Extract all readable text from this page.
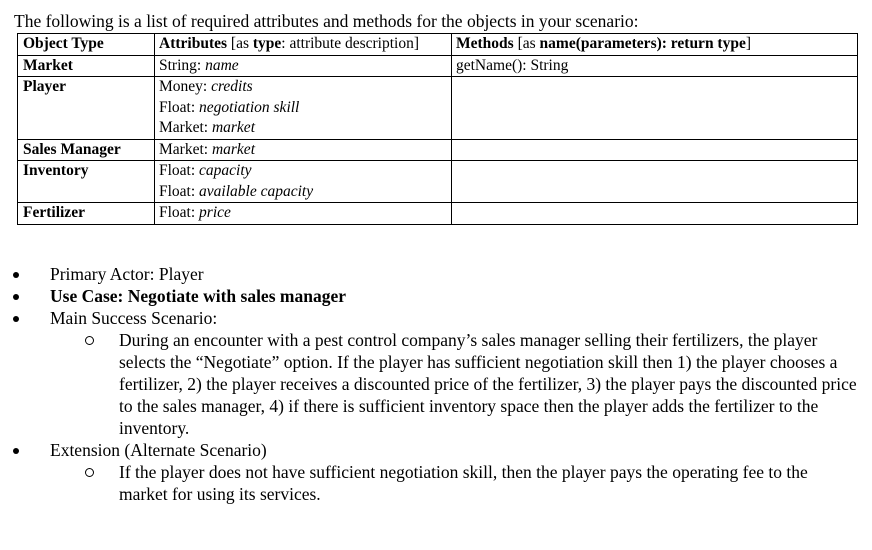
The following is a list of required attributes and methods for the objects in your scenario:
Object Type	Attributes [as type: attribute description]	Methods [as name(parameters): return type]
Market	String: name	getName(): String

Player	Money: credits
Float: negotiation skill
Market: market	

Sales Manager	Market: market	

Inventory	Float: capacity
Float: available capacity	

Fertilizer	Float: price	

Primary Actor: Player
Use Case: Negotiate with sales manager
Main Success Scenario:
During an encounter with a pest control company’s sales manager selling their fertilizers, the player selects the “Negotiate” option. If the player has sufficient negotiation skill then 1) the player chooses a fertilizer, 2) the player receives a discounted price of the fertilizer, 3) the player pays the discounted price to the sales manager, 4) if there is sufficient inventory space then the player adds the fertilizer to the inventory.
Extension (Alternate Scenario)
If the player does not have sufficient negotiation skill, then the player pays the operating fee to the market for using its services.
